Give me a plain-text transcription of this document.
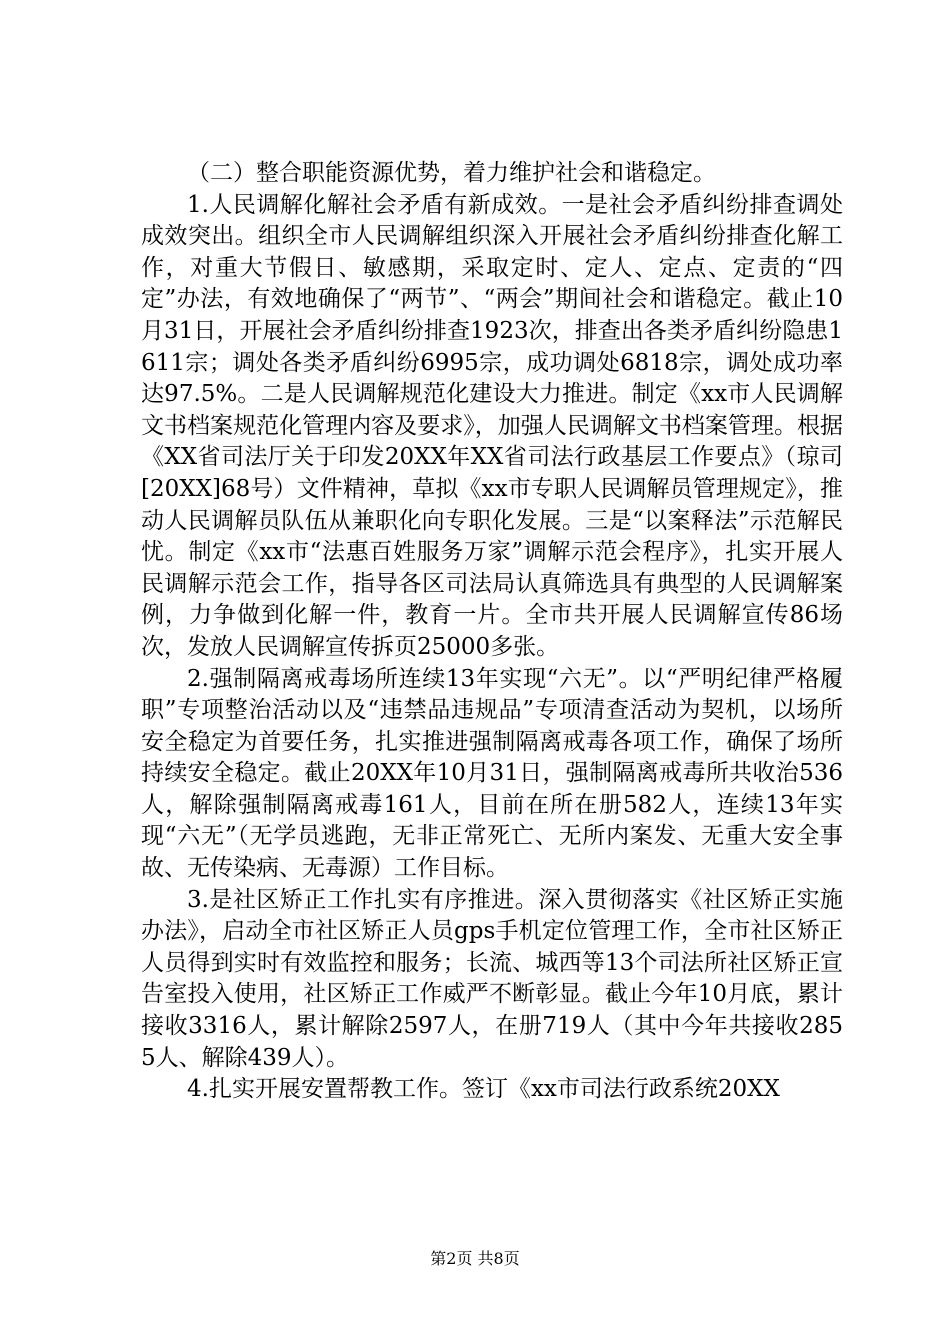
（二）整合职能资源优势，着力维护社会和谐稳定。

1.人民调解化解社会矛盾有新成效。一是社会矛盾纠纷排查调处成效突出。组织全市人民调解组织深入开展社会矛盾纠纷排查化解工作，对重大节假日、敏感期，采取定时、定人、定点、定责的“四定”办法，有效地确保了“两节”、“两会”期间社会和谐稳定。截止10月31日，开展社会矛盾纠纷排查1923次，排查出各类矛盾纠纷隐患1611宗；调处各类矛盾纠纷6995宗，成功调处6818宗，调处成功率达97.5%。二是人民调解规范化建设大力推进。制定《xx市人民调解文书档案规范化管理内容及要求》，加强人民调解文书档案管理。根据《XX省司法厅关于印发20XX年XX省司法行政基层工作要点》（琼司[20XX]68号）文件精神，草拟《xx市专职人民调解员管理规定》，推动人民调解员队伍从兼职化向专职化发展。三是“以案释法”示范解民忧。制定《xx市“法惠百姓服务万家”调解示范会程序》，扎实开展人民调解示范会工作，指导各区司法局认真筛选具有典型的人民调解案例，力争做到化解一件，教育一片。全市共开展人民调解宣传86场次，发放人民调解宣传拆页25000多张。

2.强制隔离戒毒场所连续13年实现“六无”。以“严明纪律严格履职”专项整治活动以及“违禁品违规品”专项清查活动为契机，以场所安全稳定为首要任务，扎实推进强制隔离戒毒各项工作，确保了场所持续安全稳定。截止20XX年10月31日，强制隔离戒毒所共收治536人，解除强制隔离戒毒161人，目前在所在册582人，连续13年实现“六无”（无学员逃跑，无非正常死亡、无所内案发、无重大安全事故、无传染病、无毒源）工作目标。

3.是社区矫正工作扎实有序推进。深入贯彻落实《社区矫正实施办法》，启动全市社区矫正人员gps手机定位管理工作，全市社区矫正人员得到实时有效监控和服务；长流、城西等13个司法所社区矫正宣告室投入使用，社区矫正工作威严不断彰显。截止今年10月底，累计接收3316人，累计解除2597人，在册719人（其中今年共接收2855人、解除439人）。

4.扎实开展安置帮教工作。签订《xx市司法行政系统20XX

第2页 共8页
